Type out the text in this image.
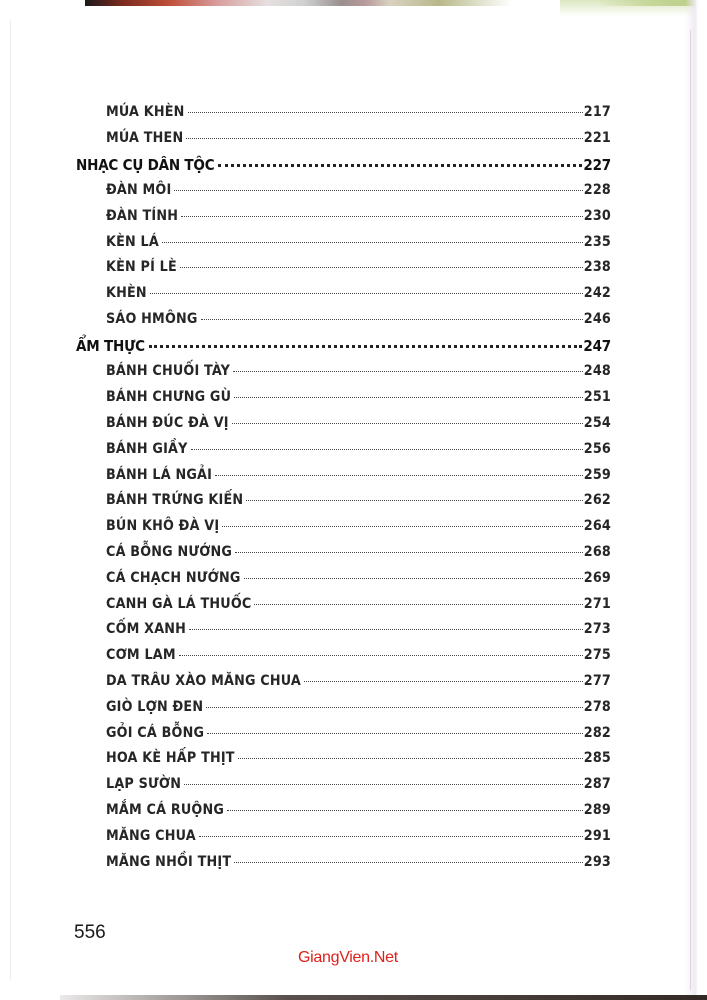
MÚA KHÈN	217
MÚA THEN	221
NHẠC CỤ DÂN TỘC	227
ĐÀN MÔI	228
ĐÀN TÍNH	230
KÈN LÁ	235
KÈN PÍ LÈ	238
KHÈN	242
SÁO HMÔNG	246
ẨM THỰC	247
BÁNH CHUỐI TÀY	248
BÁNH CHƯNG GÙ	251
BÁNH ĐÚC ĐÀ VỊ	254
BÁNH GIẦY	256
BÁNH LÁ NGẢI	259
BÁNH TRỨNG KIẾN	262
BÚN KHÔ ĐÀ VỊ	264
CÁ BỖNG NƯỚNG	268
CÁ CHẠCH NƯỚNG	269
CANH GÀ LÁ THUỐC	271
CỐM XANH	273
CƠM LAM	275
DA TRÂU XÀO MĂNG CHUA	277
GIÒ LỢN ĐEN	278
GỎI CÁ BỖNG	282
HOA KÈ HẤP THỊT	285
LẠP SƯỜN	287
MẮM CÁ RUỘNG	289
MĂNG CHUA	291
MĂNG NHỒI THỊT	293
556
GiangVien.Net
